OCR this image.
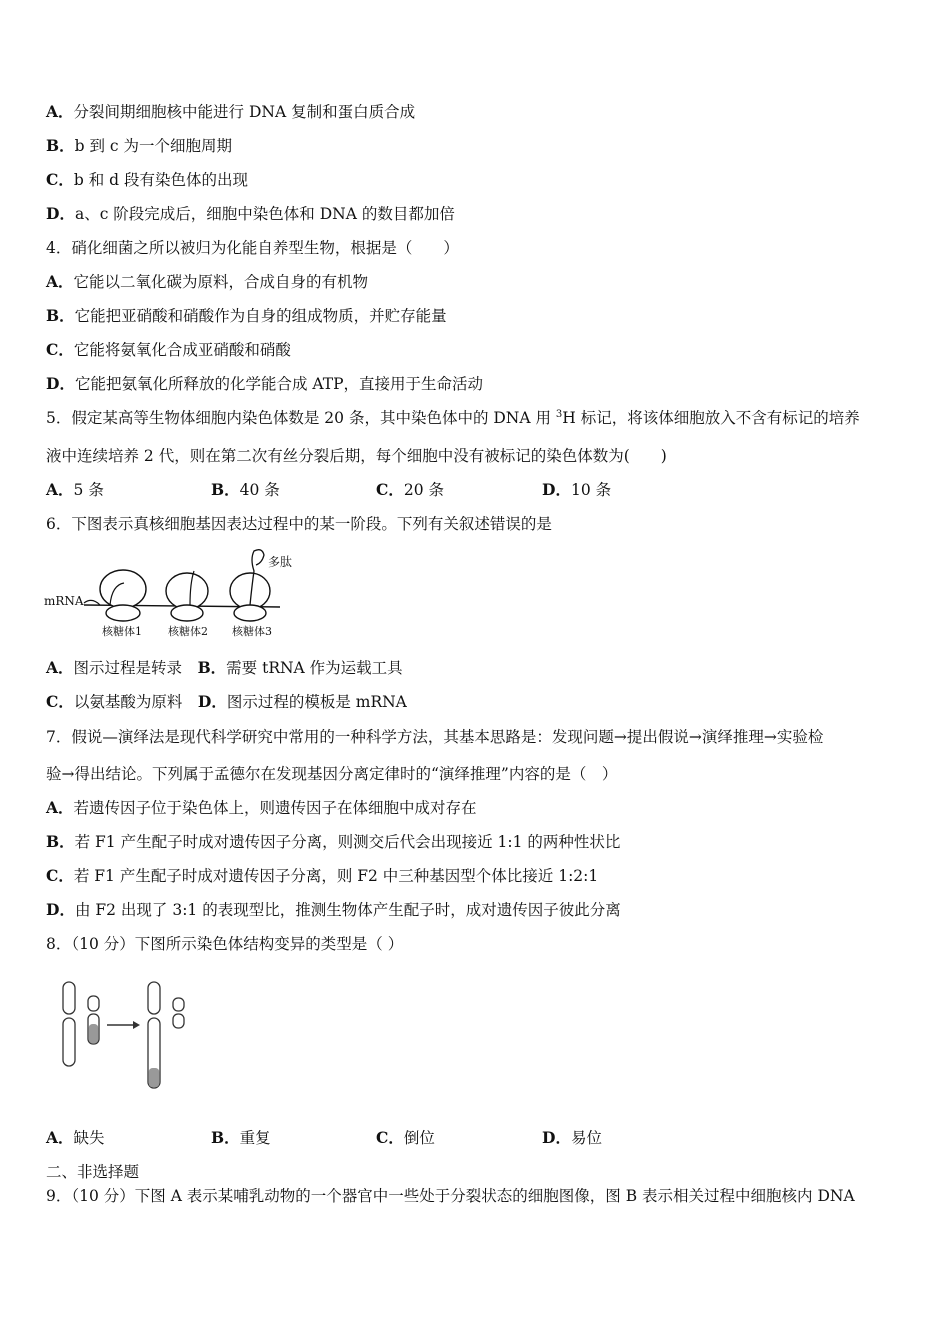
A．分裂间期细胞核中能进行 DNA 复制和蛋白质合成
B．b 到 c 为一个细胞周期
C．b 和 d 段有染色体的出现
D．a、c 阶段完成后，细胞中染色体和 DNA 的数目都加倍
4．硝化细菌之所以被归为化能自养型生物，根据是（　　）
A．它能以二氧化碳为原料，合成自身的有机物
B．它能把亚硝酸和硝酸作为自身的组成物质，并贮存能量
C．它能将氨氧化合成亚硝酸和硝酸
D．它能把氨氧化所释放的化学能合成 ATP，直接用于生命活动
5．假定某高等生物体细胞内染色体数是 20 条，其中染色体中的 DNA 用 $^3$H 标记，将该体细胞放入不含有标记的培养
液中连续培养 2 代，则在第二次有丝分裂后期，每个细胞中没有被标记的染色体数为(　　)
A．5 条	B．40 条	C．20 条	D．10 条
6．下图表示真核细胞基因表达过程中的某一阶段。下列有关叙述错误的是
mRNA
多肽
核糖体1 核糖体2 核糖体3
A．图示过程是转录　 B．需要 tRNA 作为运载工具
C．以氨基酸为原料　 D．图示过程的模板是 mRNA
7．假说—演绎法是现代科学研究中常用的一种科学方法，其基本思路是：发现问题→提出假说→演绎推理→实验检
验→得出结论。下列属于孟德尔在发现基因分离定律时的“演绎推理”内容的是（　）
A．若遗传因子位于染色体上，则遗传因子在体细胞中成对存在
B．若 F1 产生配子时成对遗传因子分离，则测交后代会出现接近 1:1 的两种性状比
C．若 F1 产生配子时成对遗传因子分离，则 F2 中三种基因型个体比接近 1:2:1
D．由 F2 出现了 3:1 的表现型比，推测生物体产生配子时，成对遗传因子彼此分离
8．（10 分）下图所示染色体结构变异的类型是（ ）
A．缺失	B．重复	C．倒位	D．易位
二、非选择题
9．（10 分）下图 A 表示某哺乳动物的一个器官中一些处于分裂状态的细胞图像，图 B 表示相关过程中细胞核内 DNA
